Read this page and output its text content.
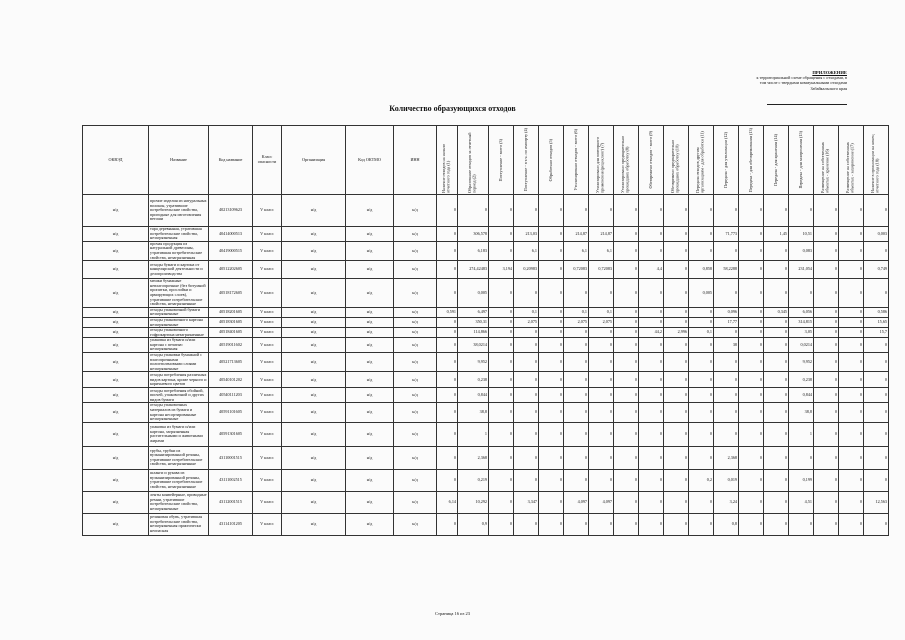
ПРИЛОЖЕНИЕ
к территориальной схеме обращения с отходами, в
том числе с твердыми коммунальными отходами
Забайкальского края
Количество образующихся отходов
ОКВЭД	Название	Код название	Класс опасности	Организация	Код ОКТМО	ИНН	Наличие отходов на начало отчетного года (1)	Образование отходов за отчетный период (2)	Поступление - всего (3)	Поступление - в т.ч. по импорту (4)	Обработано отходов (5)	Утилизировано отходов - всего (6)	Утилизировано для повторного применения (рециклинг) (7)	Утилизировано предварительно прошедших обработку (8)	Обезврежено отходов - всего (9)	Обезврежено предварительно прошедших обработку (10)	Передача отходов другим организациям - для обработки (11)	Передача - для утилизации (12)	Передача - для обезвреживания (13)	Передача - для хранения (14)	Передача - для захоронения (15)	Размещение на собственных объектах - хранение (16)	Размещение на собственных объектах - захоронение (17)	Наличие в организации на конец отчетного года (18)

н/д	прочие изделия из натуральных волокон, утратившие потребительские свойства, пригодные для изготовления ветоши	40213109623	V класс	н/д	н/д	н/д	0	0	0	0	0	0	0	0	0	0	0	0	0	0	0	0	0	0
н/д	тара деревянная, утратившая потребительские свойства, незагрязненная	40414000513	V класс	н/д	н/д	н/д	0	306,578	0	213,03	0	214,87	214,87	0	0	0	0	71,773	0	1,45	10,51	0	0	0,003
н/д	прочая продукция из натуральной древесины, утратившая потребительские свойства, незагрязненная	40419000515	V класс	н/д	н/д	н/д	0	6,183	0	6,1	0	6,1	6,1	0	0	0	0	0	0	0	0,083	0	0	0
н/д	отходы бумаги и картона от канцелярской деятельности и делопроизводства	40512202605	V класс	н/д	н/д	н/д	0	274,42483	3,194	0,20983	0	0,72083	0,72083	0	4,4	0	0,858	58,2288	0	0	231,054	0	0	0,749
н/д	мешки бумажные невлагопрочные (без битумной пропитки, прослойки и армирующих слоев), утратившие потребительские свойства, незагрязненные	40518172605	V класс	н/д	н/д	н/д	0	0,005	0	0	0	0	0	0	0	0	0,005	0	0	0	0	0	0	0
н/д	отходы упаковочной бумаги незагрязненные	40518201605	V класс	н/д	н/д	н/д	0,591	6,497	0	0,1	0	0,1	0,1	0	0	0	0	0,096	0	0,345	6,056	0	0	0,586
н/д	отходы упаковочного картона незагрязненные	40518301605	V класс	н/д	н/д	н/д	0	350,31	0	2,075	0	2,075	2,075	0	0	0	0	17,77	0	0	314,815	0	0	15,65
н/д	отходы упаковочного гофрокартона незагрязненные	40518401605	V класс	н/д	н/д	н/д	0	114,866	0	0	0	0	0	0	44,2	2,996	0,1	0	0	0	3,05	0	0	15,7
н/д	упаковка из бумаги и/или картона с печатью незагрязненная	40519011602	V класс	н/д	н/д	н/д	0	38,0214	0	0	0	0	0	0	0	0	0	38	0	0	0,0214	0	0	0
н/д	отходы упаковки бумажной с влагопрочными полиэтиленовыми слоями незагрязненные	40521713605	V класс	н/д	н/д	н/д	0	9,952	0	0	0	0	0	0	0	0	0	0	0	0	9,952	0	0	0
н/д	отходы потребления различных видов картона, кроме черного и коричневого цветов	40540101202	V класс	н/д	н/д	н/д	0	0,238	0	0	0	0	0	0	0	0	0	0	0	0	0,238	0	0	0
н/д	отходы потребления обойной, писчей, упаковочной и других видов бумаги	40540111203	V класс	н/д	н/д	н/д	0	0,844	0	0	0	0	0	0	0	0	0	0	0	0	0,844	0	0	0
н/д	отходы упаковочных материалов из бумаги и картона несортированные незагрязненные	40591101605	V класс	н/д	н/д	н/д	0	38,8	0	0	0	0	0	0	0	0	0	0	0	0	38,8	0	0	0
н/д	упаковка из бумаги и/или картона, загрязненная растительными и животными жирами	40591301605	V класс	н/д	н/д	н/д	0	1	0	0	0	0	0	0	0	0	0	0	0	0	1	0	0	0
н/д	трубы, трубки из вулканизированной резины, утратившие потребительские свойства, незагрязненные	43110001515	V класс	н/д	н/д	н/д	0	2,368	0	0	0	0	0	0	0	0	0	2,368	0	0	0	0	0	0
н/д	шланги и рукава из вулканизированной резины, утратившие потребительские свойства, незагрязненные	43111002515	V класс	н/д	н/д	н/д	0	0,219	0	0	0	0	0	0	0	0	0,2	0,019	0	0	0,199	0	0	0
н/д	ленты конвейерные, приводные ремни, утратившие потребительские свойства, незагрязненные	43112001515	V класс	н/д	н/д	н/д	6,14	10,292	0	3,347	0	4,097	4,097	0	0	0	0	3,24	0	0	4,51	0	0	12,563
н/д	резиновая обувь, утратившая потребительские свойства, незагрязненная практически неопасная	43114101205	V класс	н/д	н/д	н/д	0	0,9	0	0	0	0	0	0	0	0	0	0,8	0	0	0	0	0	0
Страница 16 из 23
